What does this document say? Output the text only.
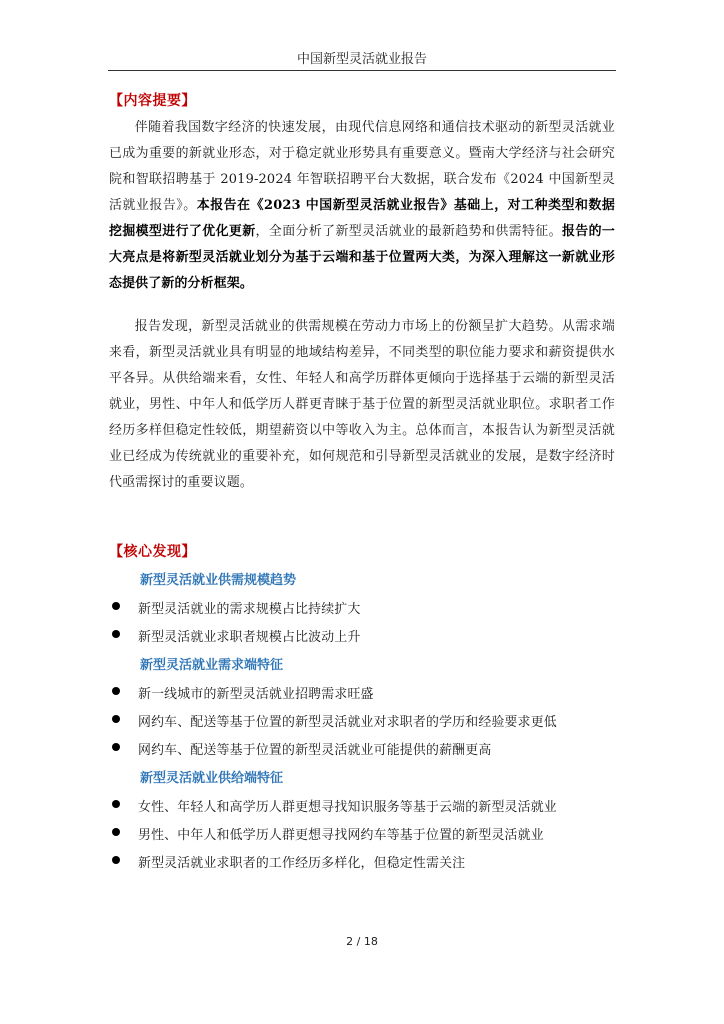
中国新型灵活就业报告
【内容提要】

伴随着我国数字经济的快速发展，由现代信息网络和通信技术驱动的新型灵活就业已成为重要的新就业形态，对于稳定就业形势具有重要意义。暨南大学经济与社会研究院和智联招聘基于 2019-2024 年智联招聘平台大数据，联合发布《2024 中国新型灵活就业报告》。本报告在《2023 中国新型灵活就业报告》基础上，对工种类型和数据挖掘模型进行了优化更新，全面分析了新型灵活就业的最新趋势和供需特征。报告的一大亮点是将新型灵活就业划分为基于云端和基于位置两大类，为深入理解这一新就业形态提供了新的分析框架。

报告发现，新型灵活就业的供需规模在劳动力市场上的份额呈扩大趋势。从需求端来看，新型灵活就业具有明显的地域结构差异，不同类型的职位能力要求和薪资提供水平各异。从供给端来看，女性、年轻人和高学历群体更倾向于选择基于云端的新型灵活就业，男性、中年人和低学历人群更青睐于基于位置的新型灵活就业职位。求职者工作经历多样但稳定性较低，期望薪资以中等收入为主。总体而言，本报告认为新型灵活就业已经成为传统就业的重要补充，如何规范和引导新型灵活就业的发展，是数字经济时代亟需探讨的重要议题。

【核心发现】
新型灵活就业供需规模趋势
新型灵活就业的需求规模占比持续扩大
新型灵活就业求职者规模占比波动上升
新型灵活就业需求端特征
新一线城市的新型灵活就业招聘需求旺盛
网约车、配送等基于位置的新型灵活就业对求职者的学历和经验要求更低
网约车、配送等基于位置的新型灵活就业可能提供的薪酬更高
新型灵活就业供给端特征
女性、年轻人和高学历人群更想寻找知识服务等基于云端的新型灵活就业
男性、中年人和低学历人群更想寻找网约车等基于位置的新型灵活就业
新型灵活就业求职者的工作经历多样化，但稳定性需关注
2 / 18
